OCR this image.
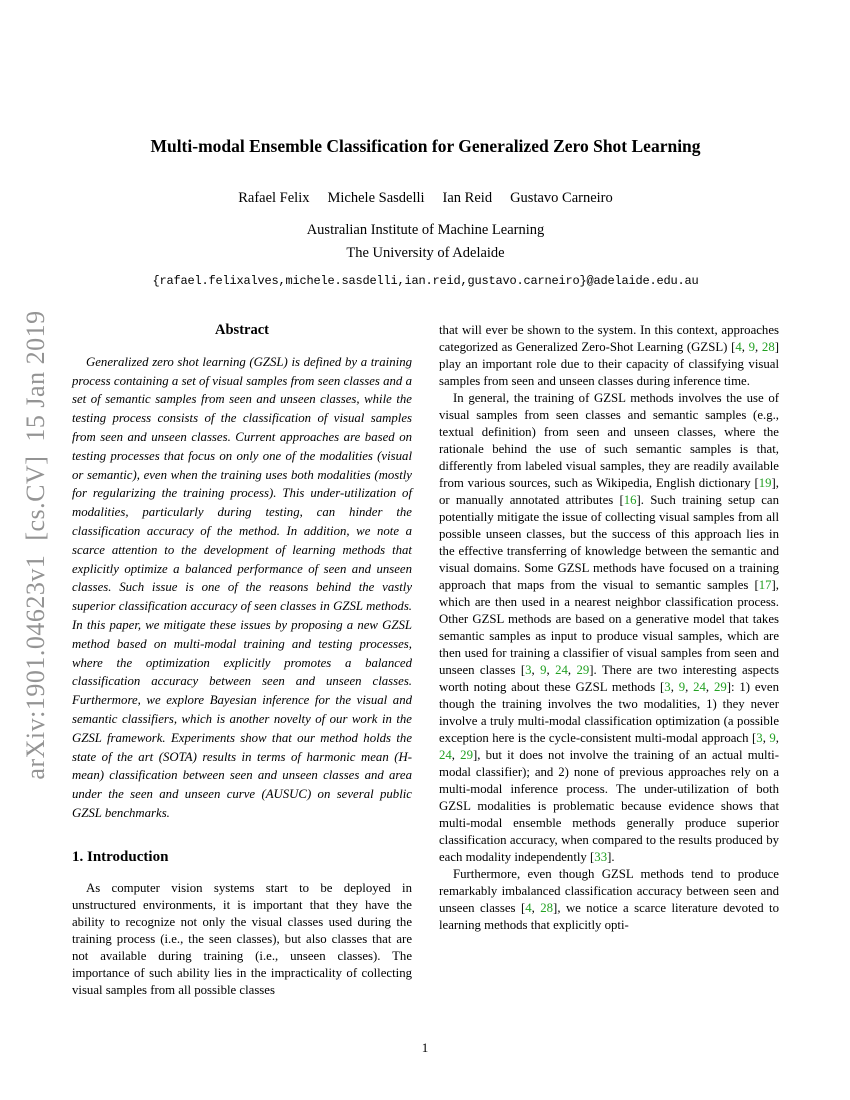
arXiv:1901.04623v1  [cs.CV]  15 Jan 2019
Multi-modal Ensemble Classification for Generalized Zero Shot Learning
Rafael Felix Michele Sasdelli Ian Reid Gustavo Carneiro
Australian Institute of Machine Learning
The University of Adelaide
{rafael.felixalves,michele.sasdelli,ian.reid,gustavo.carneiro}@adelaide.edu.au
Abstract

Generalized zero shot learning (GZSL) is defined by a training process containing a set of visual samples from seen classes and a set of semantic samples from seen and unseen classes, while the testing process consists of the classification of visual samples from seen and unseen classes. Current approaches are based on testing processes that focus on only one of the modalities (visual or semantic), even when the training uses both modalities (mostly for regularizing the training process). This under-utilization of modalities, particularly during testing, can hinder the classification accuracy of the method. In addition, we note a scarce attention to the development of learning methods that explicitly optimize a balanced performance of seen and unseen classes. Such issue is one of the reasons behind the vastly superior classification accuracy of seen classes in GZSL methods. In this paper, we mitigate these issues by proposing a new GZSL method based on multi-modal training and testing processes, where the optimization explicitly promotes a balanced classification accuracy between seen and unseen classes. Furthermore, we explore Bayesian inference for the visual and semantic classifiers, which is another novelty of our work in the GZSL framework. Experiments show that our method holds the state of the art (SOTA) results in terms of harmonic mean (H-mean) classification between seen and unseen classes and area under the seen and unseen curve (AUSUC) on several public GZSL benchmarks.

1. Introduction

As computer vision systems start to be deployed in unstructured environments, it is important that they have the ability to recognize not only the visual classes used during the training process (i.e., the seen classes), but also classes that are not available during training (i.e., unseen classes). The importance of such ability lies in the impracticality of collecting visual samples from all possible classes

that will ever be shown to the system. In this context, approaches categorized as Generalized Zero-Shot Learning (GZSL) [4, 9, 28] play an important role due to their capacity of classifying visual samples from seen and unseen classes during inference time.

In general, the training of GZSL methods involves the use of visual samples from seen classes and semantic samples (e.g., textual definition) from seen and unseen classes, where the rationale behind the use of such semantic samples is that, differently from labeled visual samples, they are readily available from various sources, such as Wikipedia, English dictionary [19], or manually annotated attributes [16]. Such training setup can potentially mitigate the issue of collecting visual samples from all possible unseen classes, but the success of this approach lies in the effective transferring of knowledge between the semantic and visual domains. Some GZSL methods have focused on a training approach that maps from the visual to semantic samples [17], which are then used in a nearest neighbor classification process. Other GZSL methods are based on a generative model that takes semantic samples as input to produce visual samples, which are then used for training a classifier of visual samples from seen and unseen classes [3, 9, 24, 29]. There are two interesting aspects worth noting about these GZSL methods [3, 9, 24, 29]: 1) even though the training involves the two modalities, 1) they never involve a truly multi-modal classification optimization (a possible exception here is the cycle-consistent multi-modal approach [3, 9, 24, 29], but it does not involve the training of an actual multi-modal classifier); and 2) none of previous approaches rely on a multi-modal inference process. The under-utilization of both GZSL modalities is problematic because evidence shows that multi-modal ensemble methods generally produce superior classification accuracy, when compared to the results produced by each modality independently [33].

Furthermore, even though GZSL methods tend to produce remarkably imbalanced classification accuracy between seen and unseen classes [4, 28], we notice a scarce literature devoted to learning methods that explicitly opti-

1
